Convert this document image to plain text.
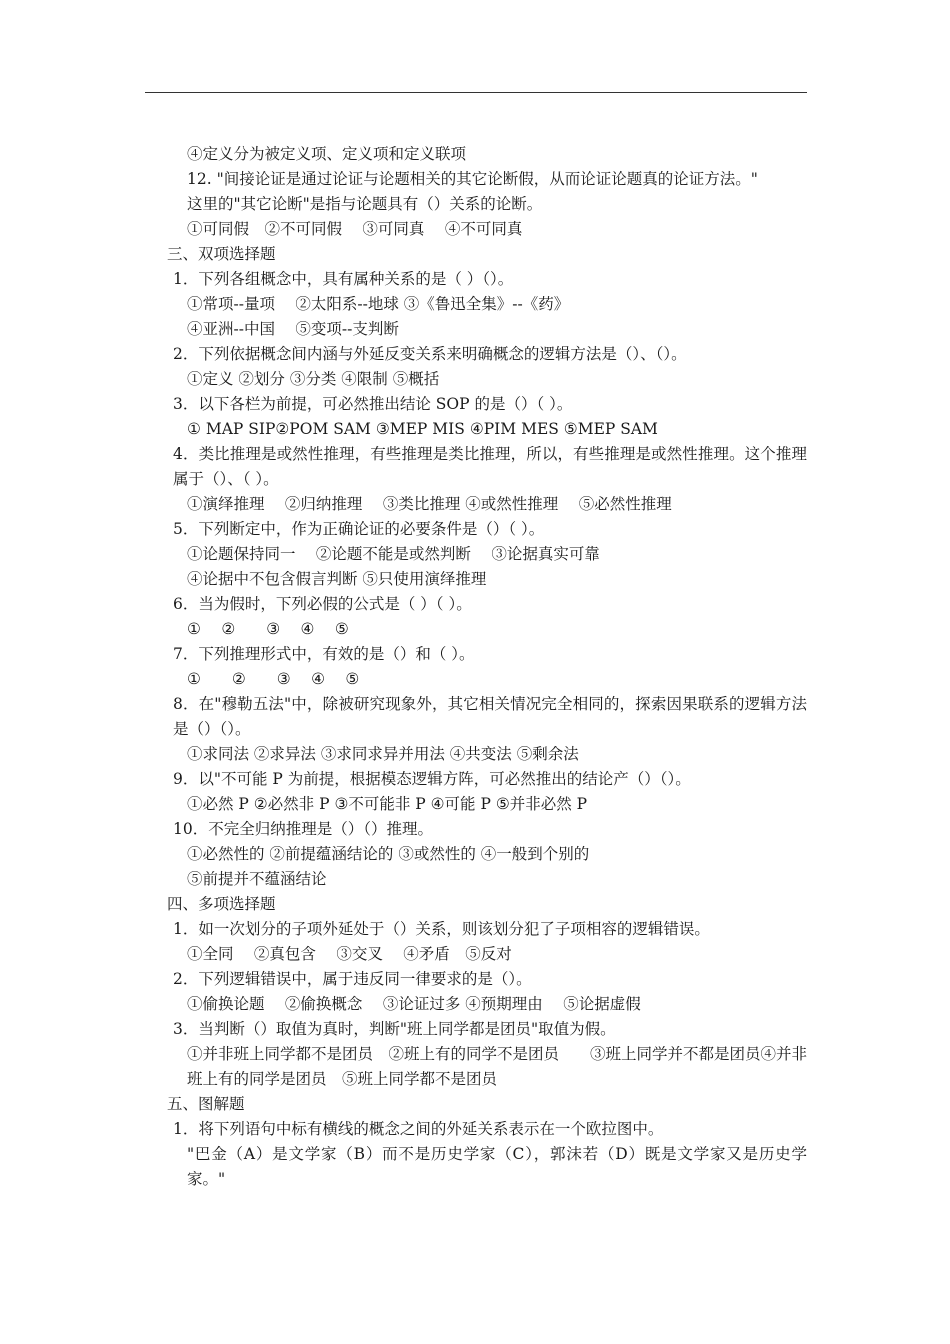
④定义分为被定义项、定义项和定义联项
12. "间接论证是通过论证与论题相关的其它论断假，从而论证论题真的论证方法。"
这里的"其它论断"是指与论题具有（）关系的论断。
①可同假　②不可同假　 ③可同真　 ④不可同真
三、双项选择题
1．下列各组概念中，具有属种关系的是（ ）（）。
①常项--量项　 ②太阳系--地球 ③《鲁迅全集》--《药》
④亚洲--中国　 ⑤变项--支判断
2．下列依据概念间内涵与外延反变关系来明确概念的逻辑方法是（）、（）。
①定义 ②划分 ③分类 ④限制 ⑤概括
3．以下各栏为前提，可必然推出结论 SOP 的是（）（ ）。
① MAP SIP②POM SAM ③MEP MIS ④PIM MES ⑤MEP SAM
4．类比推理是或然性推理，有些推理是类比推理，所以，有些推理是或然性推理。这个推理属于（）、（ ）。
①演绎推理　 ②归纳推理　 ③类比推理 ④或然性推理　 ⑤必然性推理
5．下列断定中，作为正确论证的必要条件是（）（ ）。
①论题保持同一　 ②论题不能是或然判断　 ③论据真实可靠
④论据中不包含假言判断 ⑤只使用演绎推理
6．当为假时，下列必假的公式是（ ）（ ）。
①　 ②　　③　 ④　 ⑤
7．下列推理形式中，有效的是（）和（ ）。
①　　②　　③　 ④　 ⑤
8．在"穆勒五法"中，除被研究现象外，其它相关情况完全相同的，探索因果联系的逻辑方法是（）（）。
①求同法 ②求异法 ③求同求异并用法 ④共变法 ⑤剩余法
9．以"不可能 P 为前提，根据模态逻辑方阵，可必然推出的结论产（）（）。
①必然 P ②必然非 P ③不可能非 P ④可能 P ⑤并非必然 P
10．不完全归纳推理是（）（）推理。
①必然性的 ②前提蕴涵结论的 ③或然性的 ④一般到个别的
⑤前提并不蕴涵结论
四、多项选择题
1．如一次划分的子项外延处于（）关系，则该划分犯了子项相容的逻辑错误。
①全同　 ②真包含　 ③交叉　 ④矛盾　⑤反对
2．下列逻辑错误中，属于违反同一律要求的是（）。
①偷换论题　 ②偷换概念　 ③论证过多 ④预期理由　 ⑤论据虚假
3．当判断（）取值为真时，判断"班上同学都是团员"取值为假。
①并非班上同学都不是团员　②班上有的同学不是团员　　③班上同学并不都是团员④并非班上有的同学是团员　⑤班上同学都不是团员
五、图解题
1．将下列语句中标有横线的概念之间的外延关系表示在一个欧拉图中。
"巴金（A）是文学家（B）而不是历史学家（C），郭沫若（D）既是文学家又是历史学家。"
